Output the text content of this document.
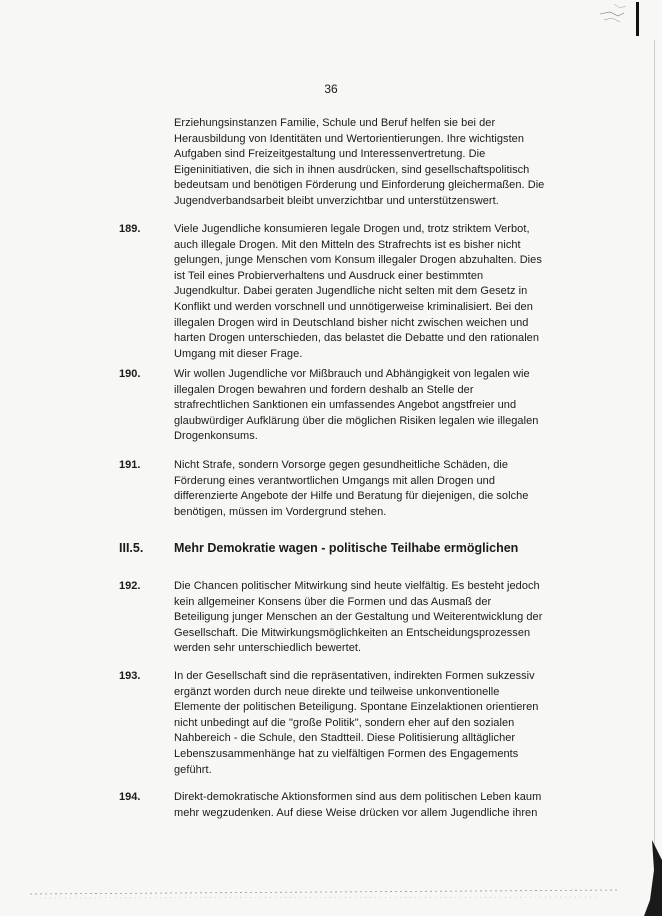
36
Erziehungsinstanzen Familie, Schule und Beruf helfen sie bei der
Herausbildung von Identitäten und Wertorientierungen. Ihre wichtigsten
Aufgaben sind Freizeitgestaltung und Interessenvertretung. Die
Eigeninitiativen, die sich in ihnen ausdrücken, sind gesellschaftspolitisch
bedeutsam und benötigen Förderung und Einforderung gleichermaßen. Die
Jugendverbandsarbeit bleibt unverzichtbar und unterstützenswert.
189.	Viele Jugendliche konsumieren legale Drogen und, trotz striktem Verbot,
auch illegale Drogen. Mit den Mitteln des Strafrechts ist es bisher nicht
gelungen, junge Menschen vom Konsum illegaler Drogen abzuhalten. Dies
ist Teil eines Probierverhaltens und Ausdruck einer bestimmten
Jugendkultur. Dabei geraten Jugendliche nicht selten mit dem Gesetz in
Konflikt und werden vorschnell und unnötigerweise kriminalisiert. Bei den
illegalen Drogen wird in Deutschland bisher nicht zwischen weichen und
harten Drogen unterschieden, das belastet die Debatte und den rationalen
Umgang mit dieser Frage.
190.	Wir wollen Jugendliche vor Mißbrauch und Abhängigkeit von legalen wie
illegalen Drogen bewahren und fordern deshalb an Stelle der
strafrechtlichen Sanktionen ein umfassendes Angebot angstfreier und
glaubwürdiger Aufklärung über die möglichen Risiken legalen wie illegalen
Drogenkonsums.
191.	Nicht Strafe, sondern Vorsorge gegen gesundheitliche Schäden, die
Förderung eines verantwortlichen Umgangs mit allen Drogen und
differenzierte Angebote der Hilfe und Beratung für diejenigen, die solche
benötigen, müssen im Vordergrund stehen.
III.5. Mehr Demokratie wagen - politische Teilhabe ermöglichen
192.	Die Chancen politischer Mitwirkung sind heute vielfältig. Es besteht jedoch
kein allgemeiner Konsens über die Formen und das Ausmaß der
Beteiligung junger Menschen an der Gestaltung und Weiterentwicklung der
Gesellschaft. Die Mitwirkungsmöglichkeiten an Entscheidungsprozessen
werden sehr unterschiedlich bewertet.
193.	In der Gesellschaft sind die repräsentativen, indirekten Formen sukzessiv
ergänzt worden durch neue direkte und teilweise unkonventionelle
Elemente der politischen Beteiligung. Spontane Einzelaktionen orientieren
nicht unbedingt auf die "große Politik", sondern eher auf den sozialen
Nahbereich - die Schule, den Stadtteil. Diese Politisierung alltäglicher
Lebenszusammenhänge hat zu vielfältigen Formen des Engagements
geführt.
194.	Direkt-demokratische Aktionsformen sind aus dem politischen Leben kaum
mehr wegzudenken. Auf diese Weise drücken vor allem Jugendliche ihren
